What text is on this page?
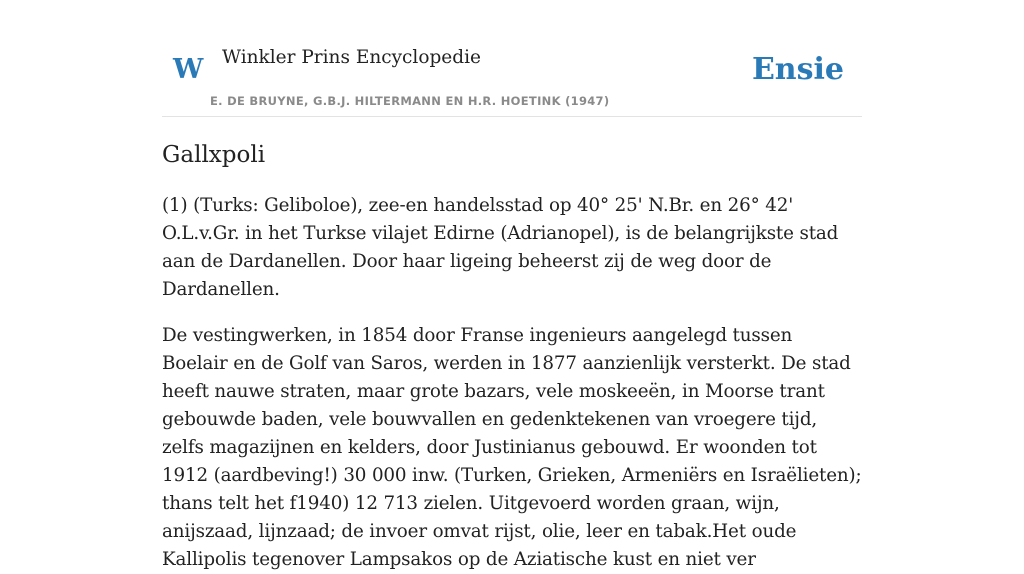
W Winkler Prins Encyclopedie
E. DE BRUYNE, G.B.J. HILTERMANN EN H.R. HOETINK (1947)
Ensie
Gallxpoli

(1) (Turks: Geliboloe), zee-en handelsstad op 40° 25' N.Br. en 26° 42' O.L.v.Gr. in het Turkse vilajet Edirne (Adrianopel), is de belangrijkste stad aan de Dardanellen. Door haar ligeing beheerst zij de weg door de Dardanellen.

De vestingwerken, in 1854 door Franse ingenieurs aangelegd tussen Boelair en de Golf van Saros, werden in 1877 aanzienlijk versterkt. De stad heeft nauwe straten, maar grote bazars, vele moskeeën, in Moorse trant gebouwde baden, vele bouwvallen en gedenktekenen van vroegere tijd, zelfs magazijnen en kelders, door Justinianus gebouwd. Er woonden tot 1912 (aardbeving!) 30 000 inw. (Turken, Grieken, Armeniërs en Israëlieten); thans telt het f1940) 12 713 zielen. Uitgevoerd worden graan, wijn, anijszaad, lijnzaad; de invoer omvat rijst, olie, leer en tabak.Het oude Kallipolis tegenover Lampsakos op de Aziatische kust en niet ver
